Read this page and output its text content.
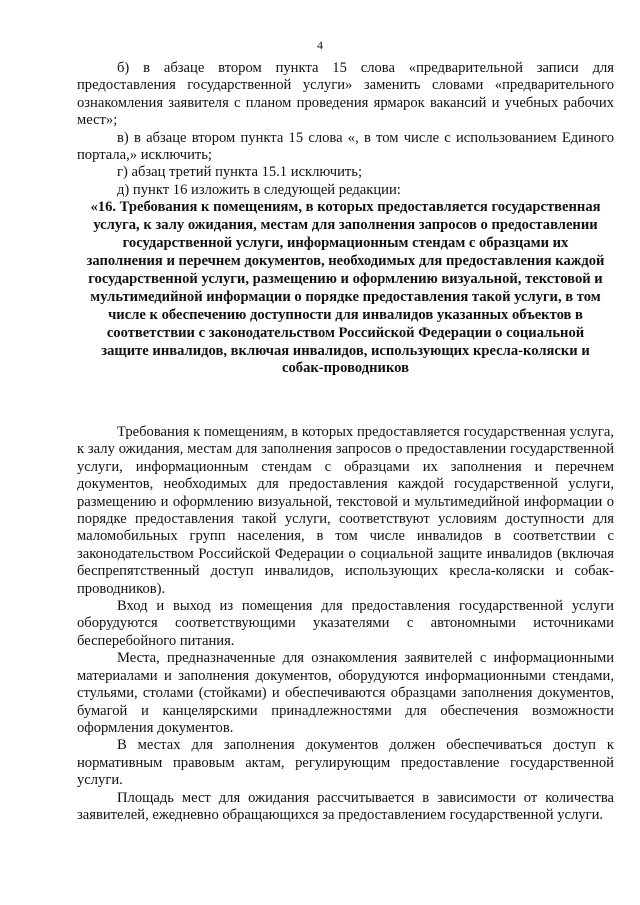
4

б) в абзаце втором пункта 15 слова «предварительной записи для предоставления государственной услуги» заменить словами «предварительного ознакомления заявителя с планом проведения ярмарок вакансий и учебных рабочих мест»;

в) в абзаце втором пункта 15 слова «, в том числе с использованием Единого портала,» исключить;

г) абзац третий пункта 15.1 исключить;

д) пункт 16 изложить в следующей редакции:

«16. Требования к помещениям, в которых предоставляется государственная услуга, к залу ожидания, местам для заполнения запросов о предоставлении государственной услуги, информационным стендам с образцами их заполнения и перечнем документов, необходимых для предоставления каждой государственной услуги, размещению и оформлению визуальной, текстовой и мультимедийной информации о порядке предоставления такой услуги, в том числе к обеспечению доступности для инвалидов указанных объектов в соответствии с законодательством Российской Федерации о социальной защите инвалидов, включая инвалидов, использующих кресла-коляски и собак-проводников

Требования к помещениям, в которых предоставляется государственная услуга, к залу ожидания, местам для заполнения запросов о предоставлении государственной услуги, информационным стендам с образцами их заполнения и перечнем документов, необходимых для предоставления каждой государственной услуги, размещению и оформлению визуальной, текстовой и мультимедийной информации о порядке предоставления такой услуги, соответствуют условиям доступности для маломобильных групп населения, в том числе инвалидов в соответствии с законодательством Российской Федерации о социальной защите инвалидов (включая беспрепятственный доступ инвалидов, использующих кресла-коляски и собак-проводников).

Вход и выход из помещения для предоставления государственной услуги оборудуются соответствующими указателями с автономными источниками бесперебойного питания.

Места, предназначенные для ознакомления заявителей с информационными материалами и заполнения документов, оборудуются информационными стендами, стульями, столами (стойками) и обеспечиваются образцами заполнения документов, бумагой и канцелярскими принадлежностями для обеспечения возможности оформления документов.

В местах для заполнения документов должен обеспечиваться доступ к нормативным правовым актам, регулирующим предоставление государственной услуги.

Площадь мест для ожидания рассчитывается в зависимости от количества заявителей, ежедневно обращающихся за предоставлением государственной услуги.
